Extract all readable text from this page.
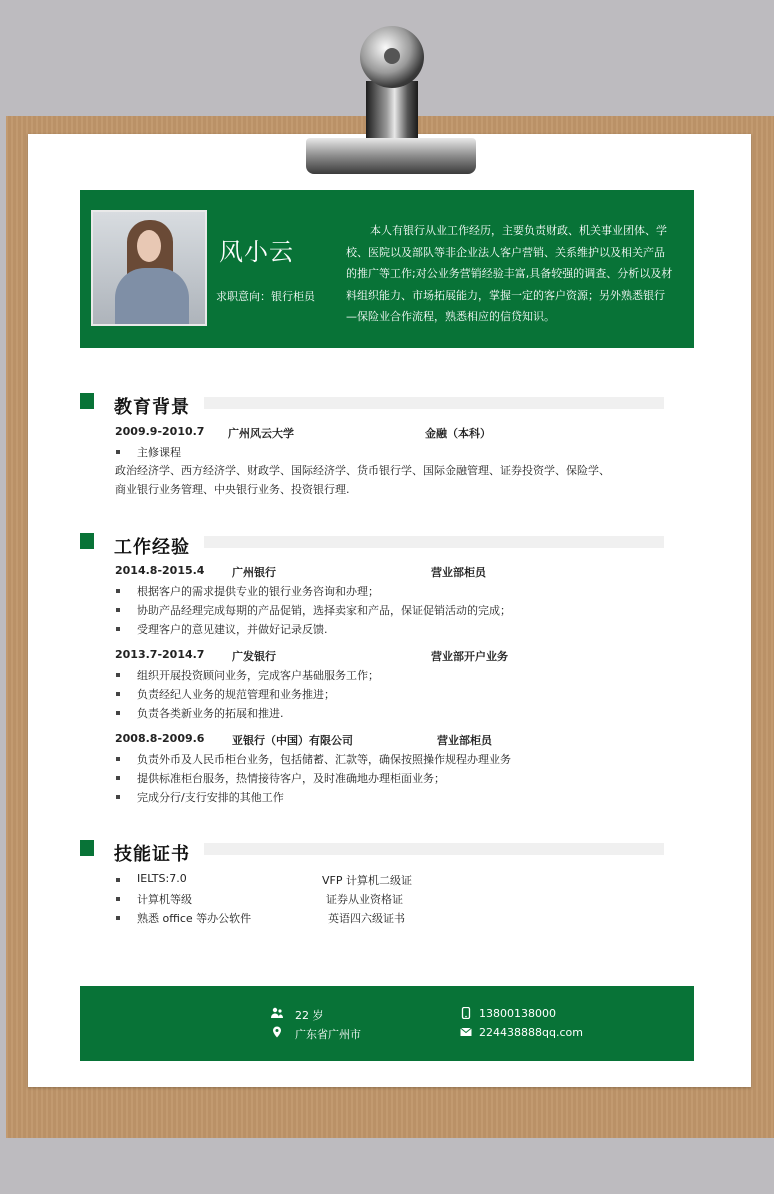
风小云
求职意向：银行柜员
本人有银行从业工作经历，主要负责财政、机关事业团体、学校、医院以及部队等非企业法人客户营销、关系维护以及相关产品的推广等工作;对公业务营销经验丰富,具备较强的调查、分析以及材料组织能力、市场拓展能力，掌握一定的客户资源；另外熟悉银行—保险业合作流程，熟悉相应的信贷知识。
教育背景
2009.9-2010.7 广州风云大学	金融（本科）
主修课程
政治经济学、西方经济学、财政学、国际经济学、货币银行学、国际金融管理、证券投资学、保险学、
商业银行业务管理、中央银行业务、投资银行理.
工作经验
2014.8-2015.4	广州银行	营业部柜员
根据客户的需求提供专业的银行业务咨询和办理；
协助产品经理完成每期的产品促销，选择卖家和产品，保证促销活动的完成；
受理客户的意见建议，并做好记录反馈.
2013.7-2014.7	广发银行	营业部开户业务
组织开展投资顾问业务，完成客户基础服务工作；
负责经纪人业务的规范管理和业务推进；
负责各类新业务的拓展和推进.
2008.8-2009.6	亚银行（中国）有限公司	营业部柜员
负责外币及人民币柜台业务，包括储蓄、汇款等，确保按照操作规程办理业务
提供标准柜台服务，热情接待客户，及时准确地办理柜面业务；
完成分行/支行安排的其他工作
技能证书
IELTS:7.0	VFP 计算机二级证
计算机等级	证券从业资格证
熟悉 office 等办公软件	英语四六级证书
22 岁
广东省广州市
13800138000
224438888qq.com
